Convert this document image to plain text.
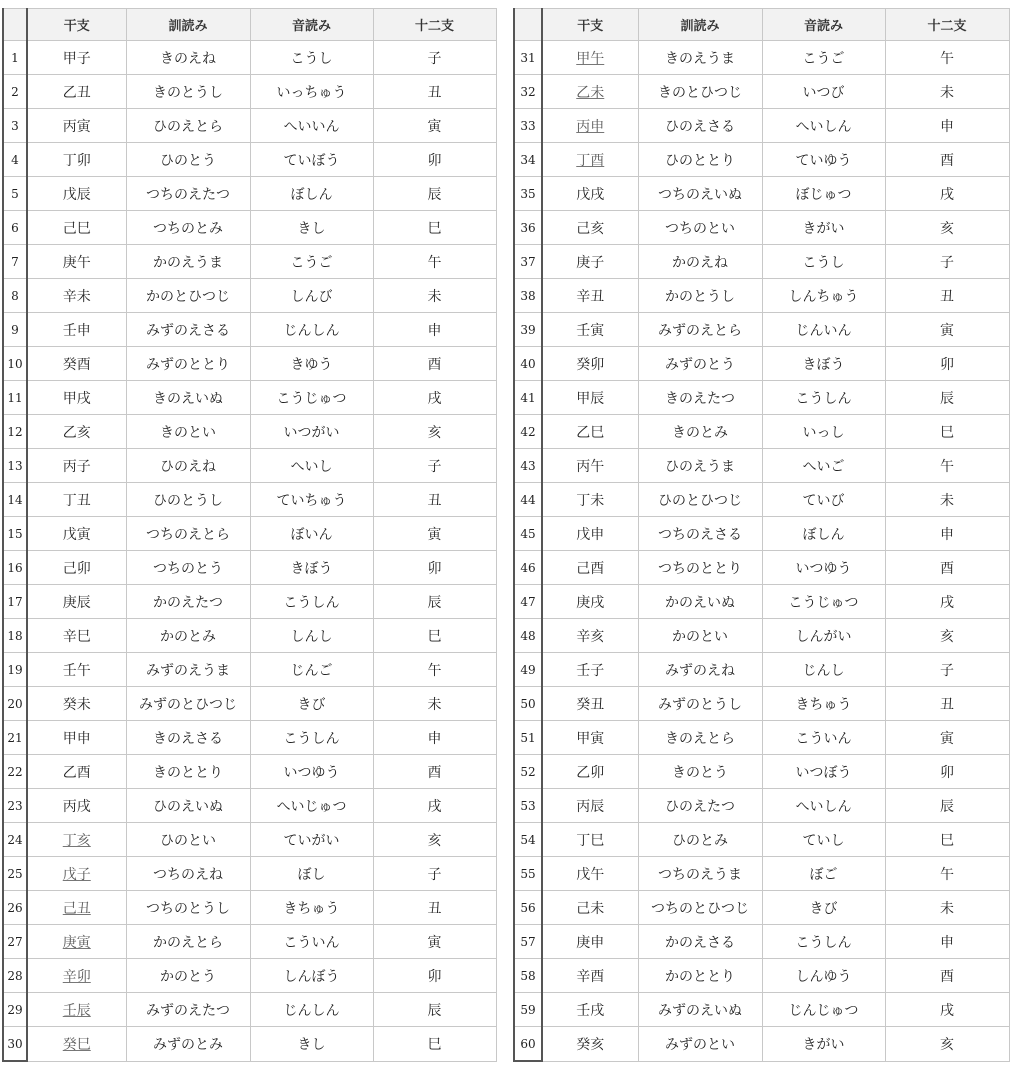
	干支	訓読み	音読み	十二支
1	甲子	きのえね	こうし	子
2	乙丑	きのとうし	いっちゅう	丑
3	丙寅	ひのえとら	へいいん	寅
4	丁卯	ひのとう	ていぼう	卯
5	戊辰	つちのえたつ	ぼしん	辰
6	己巳	つちのとみ	きし	巳
7	庚午	かのえうま	こうご	午
8	辛未	かのとひつじ	しんび	未
9	壬申	みずのえさる	じんしん	申
10	癸酉	みずのととり	きゆう	酉
11	甲戌	きのえいぬ	こうじゅつ	戌
12	乙亥	きのとい	いつがい	亥
13	丙子	ひのえね	へいし	子
14	丁丑	ひのとうし	ていちゅう	丑
15	戊寅	つちのえとら	ぼいん	寅
16	己卯	つちのとう	きぼう	卯
17	庚辰	かのえたつ	こうしん	辰
18	辛巳	かのとみ	しんし	巳
19	壬午	みずのえうま	じんご	午
20	癸未	みずのとひつじ	きび	未
21	甲申	きのえさる	こうしん	申
22	乙酉	きのととり	いつゆう	酉
23	丙戌	ひのえいぬ	へいじゅつ	戌
24	丁亥	ひのとい	ていがい	亥
25	戊子	つちのえね	ぼし	子
26	己丑	つちのとうし	きちゅう	丑
27	庚寅	かのえとら	こういん	寅
28	辛卯	かのとう	しんぼう	卯
29	壬辰	みずのえたつ	じんしん	辰
30	癸巳	みずのとみ	きし	巳
	干支	訓読み	音読み	十二支
31	甲午	きのえうま	こうご	午
32	乙未	きのとひつじ	いつび	未
33	丙申	ひのえさる	へいしん	申
34	丁酉	ひのととり	ていゆう	酉
35	戊戌	つちのえいぬ	ぼじゅつ	戌
36	己亥	つちのとい	きがい	亥
37	庚子	かのえね	こうし	子
38	辛丑	かのとうし	しんちゅう	丑
39	壬寅	みずのえとら	じんいん	寅
40	癸卯	みずのとう	きぼう	卯
41	甲辰	きのえたつ	こうしん	辰
42	乙巳	きのとみ	いっし	巳
43	丙午	ひのえうま	へいご	午
44	丁未	ひのとひつじ	ていび	未
45	戊申	つちのえさる	ぼしん	申
46	己酉	つちのととり	いつゆう	酉
47	庚戌	かのえいぬ	こうじゅつ	戌
48	辛亥	かのとい	しんがい	亥
49	壬子	みずのえね	じんし	子
50	癸丑	みずのとうし	きちゅう	丑
51	甲寅	きのえとら	こういん	寅
52	乙卯	きのとう	いつぼう	卯
53	丙辰	ひのえたつ	へいしん	辰
54	丁巳	ひのとみ	ていし	巳
55	戊午	つちのえうま	ぼご	午
56	己未	つちのとひつじ	きび	未
57	庚申	かのえさる	こうしん	申
58	辛酉	かのととり	しんゆう	酉
59	壬戌	みずのえいぬ	じんじゅつ	戌
60	癸亥	みずのとい	きがい	亥
